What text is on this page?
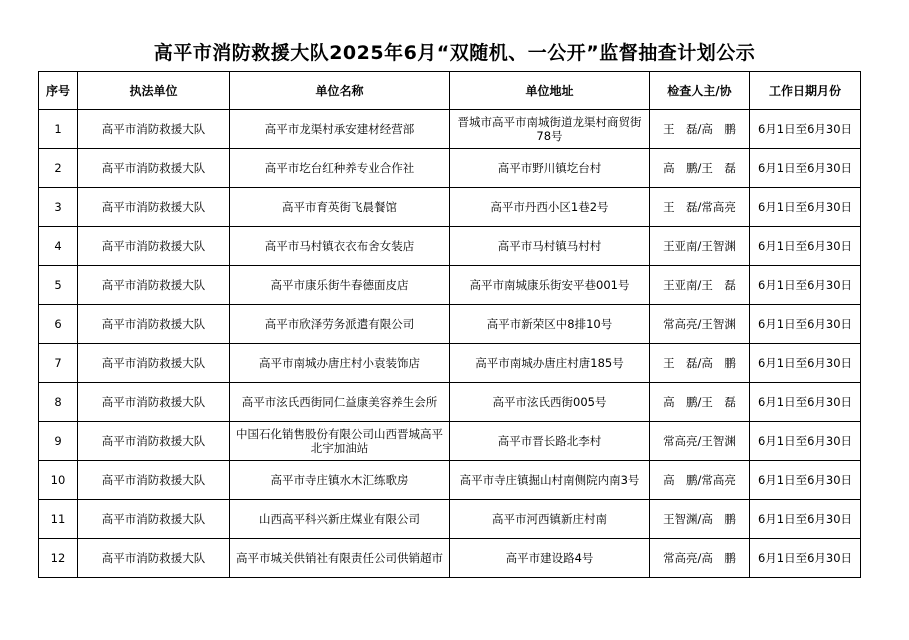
高平市消防救援大队2025年6月“双随机、一公开”监督抽查计划公示
序号	执法单位	单位名称	单位地址	检查人主/协	工作日期月份
1	高平市消防救援大队	高平市龙渠村承安建材经营部	晋城市高平市南城街道龙渠村商贸街78号	王　磊/高　鹏	6月1日至6月30日
2	高平市消防救援大队	高平市圪台红种养专业合作社	高平市野川镇圪台村	高　鹏/王　磊	6月1日至6月30日
3	高平市消防救援大队	高平市育英街飞晨餐馆	高平市丹西小区1巷2号	王　磊/常高亮	6月1日至6月30日
4	高平市消防救援大队	高平市马村镇衣衣布舍女装店	高平市马村镇马村村	王亚南/王智渊	6月1日至6月30日
5	高平市消防救援大队	高平市康乐街牛春德面皮店	高平市南城康乐街安平巷001号	王亚南/王　磊	6月1日至6月30日
6	高平市消防救援大队	高平市欣泽劳务派遣有限公司	高平市新荣区中8排10号	常高亮/王智渊	6月1日至6月30日
7	高平市消防救援大队	高平市南城办唐庄村小袁装饰店	高平市南城办唐庄村唐185号	王　磊/高　鹏	6月1日至6月30日
8	高平市消防救援大队	高平市泫氏西街同仁益康美容养生会所	高平市泫氏西街005号	高　鹏/王　磊	6月1日至6月30日
9	高平市消防救援大队	中国石化销售股份有限公司山西晋城高平北宇加油站	高平市晋长路北李村	常高亮/王智渊	6月1日至6月30日
10	高平市消防救援大队	高平市寺庄镇水木汇练歌房	高平市寺庄镇掘山村南侧院内南3号	高　鹏/常高亮	6月1日至6月30日
11	高平市消防救援大队	山西高平科兴新庄煤业有限公司	高平市河西镇新庄村南	王智渊/高　鹏	6月1日至6月30日
12	高平市消防救援大队	高平市城关供销社有限责任公司供销超市	高平市建设路4号	常高亮/高　鹏	6月1日至6月30日
